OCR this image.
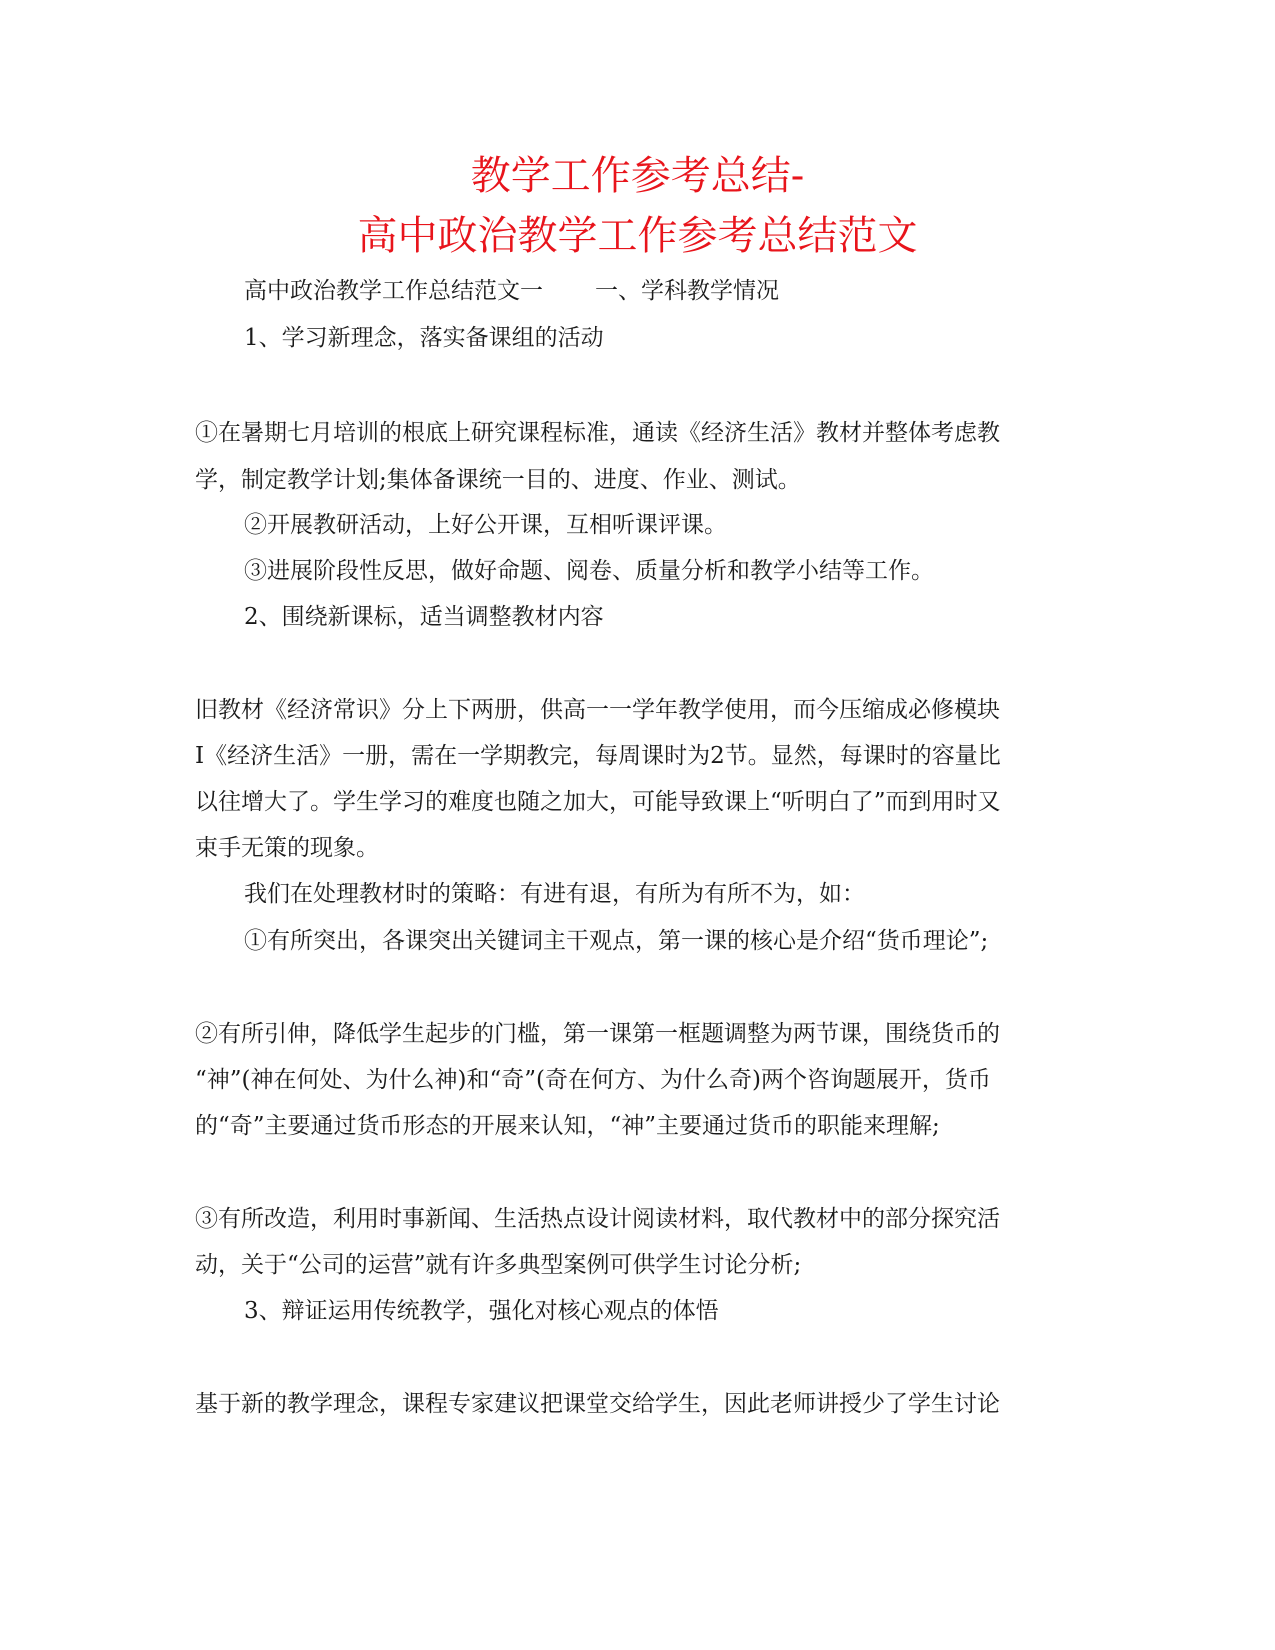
教学工作参考总结-
高中政治教学工作参考总结范文
高中政治教学工作总结范文一 一、学科教学情况
1、学习新理念，落实备课组的活动
①在暑期七月培训的根底上研究课程标准，通读《经济生活》教材并整体考虑教
学，制定教学计划;集体备课统一目的、进度、作业、测试。
②开展教研活动，上好公开课，互相听课评课。
③进展阶段性反思，做好命题、阅卷、质量分析和教学小结等工作。
2、围绕新课标，适当调整教材内容
旧教材《经济常识》分上下两册，供高一一学年教学使用，而今压缩成必修模块
Ⅰ《经济生活》一册，需在一学期教完，每周课时为2节。显然，每课时的容量比
以往增大了。学生学习的难度也随之加大，可能导致课上“听明白了”而到用时又
束手无策的现象。
我们在处理教材时的策略：有进有退，有所为有所不为，如：
①有所突出，各课突出关键词主干观点，第一课的核心是介绍“货币理论”;
②有所引伸，降低学生起步的门槛，第一课第一框题调整为两节课，围绕货币的
“神”(神在何处、为什么神)和“奇”(奇在何方、为什么奇)两个咨询题展开，货币
的“奇”主要通过货币形态的开展来认知，“神”主要通过货币的职能来理解;
③有所改造，利用时事新闻、生活热点设计阅读材料，取代教材中的部分探究活
动，关于“公司的运营”就有许多典型案例可供学生讨论分析;
3、辩证运用传统教学，强化对核心观点的体悟
基于新的教学理念，课程专家建议把课堂交给学生，因此老师讲授少了学生讨论
